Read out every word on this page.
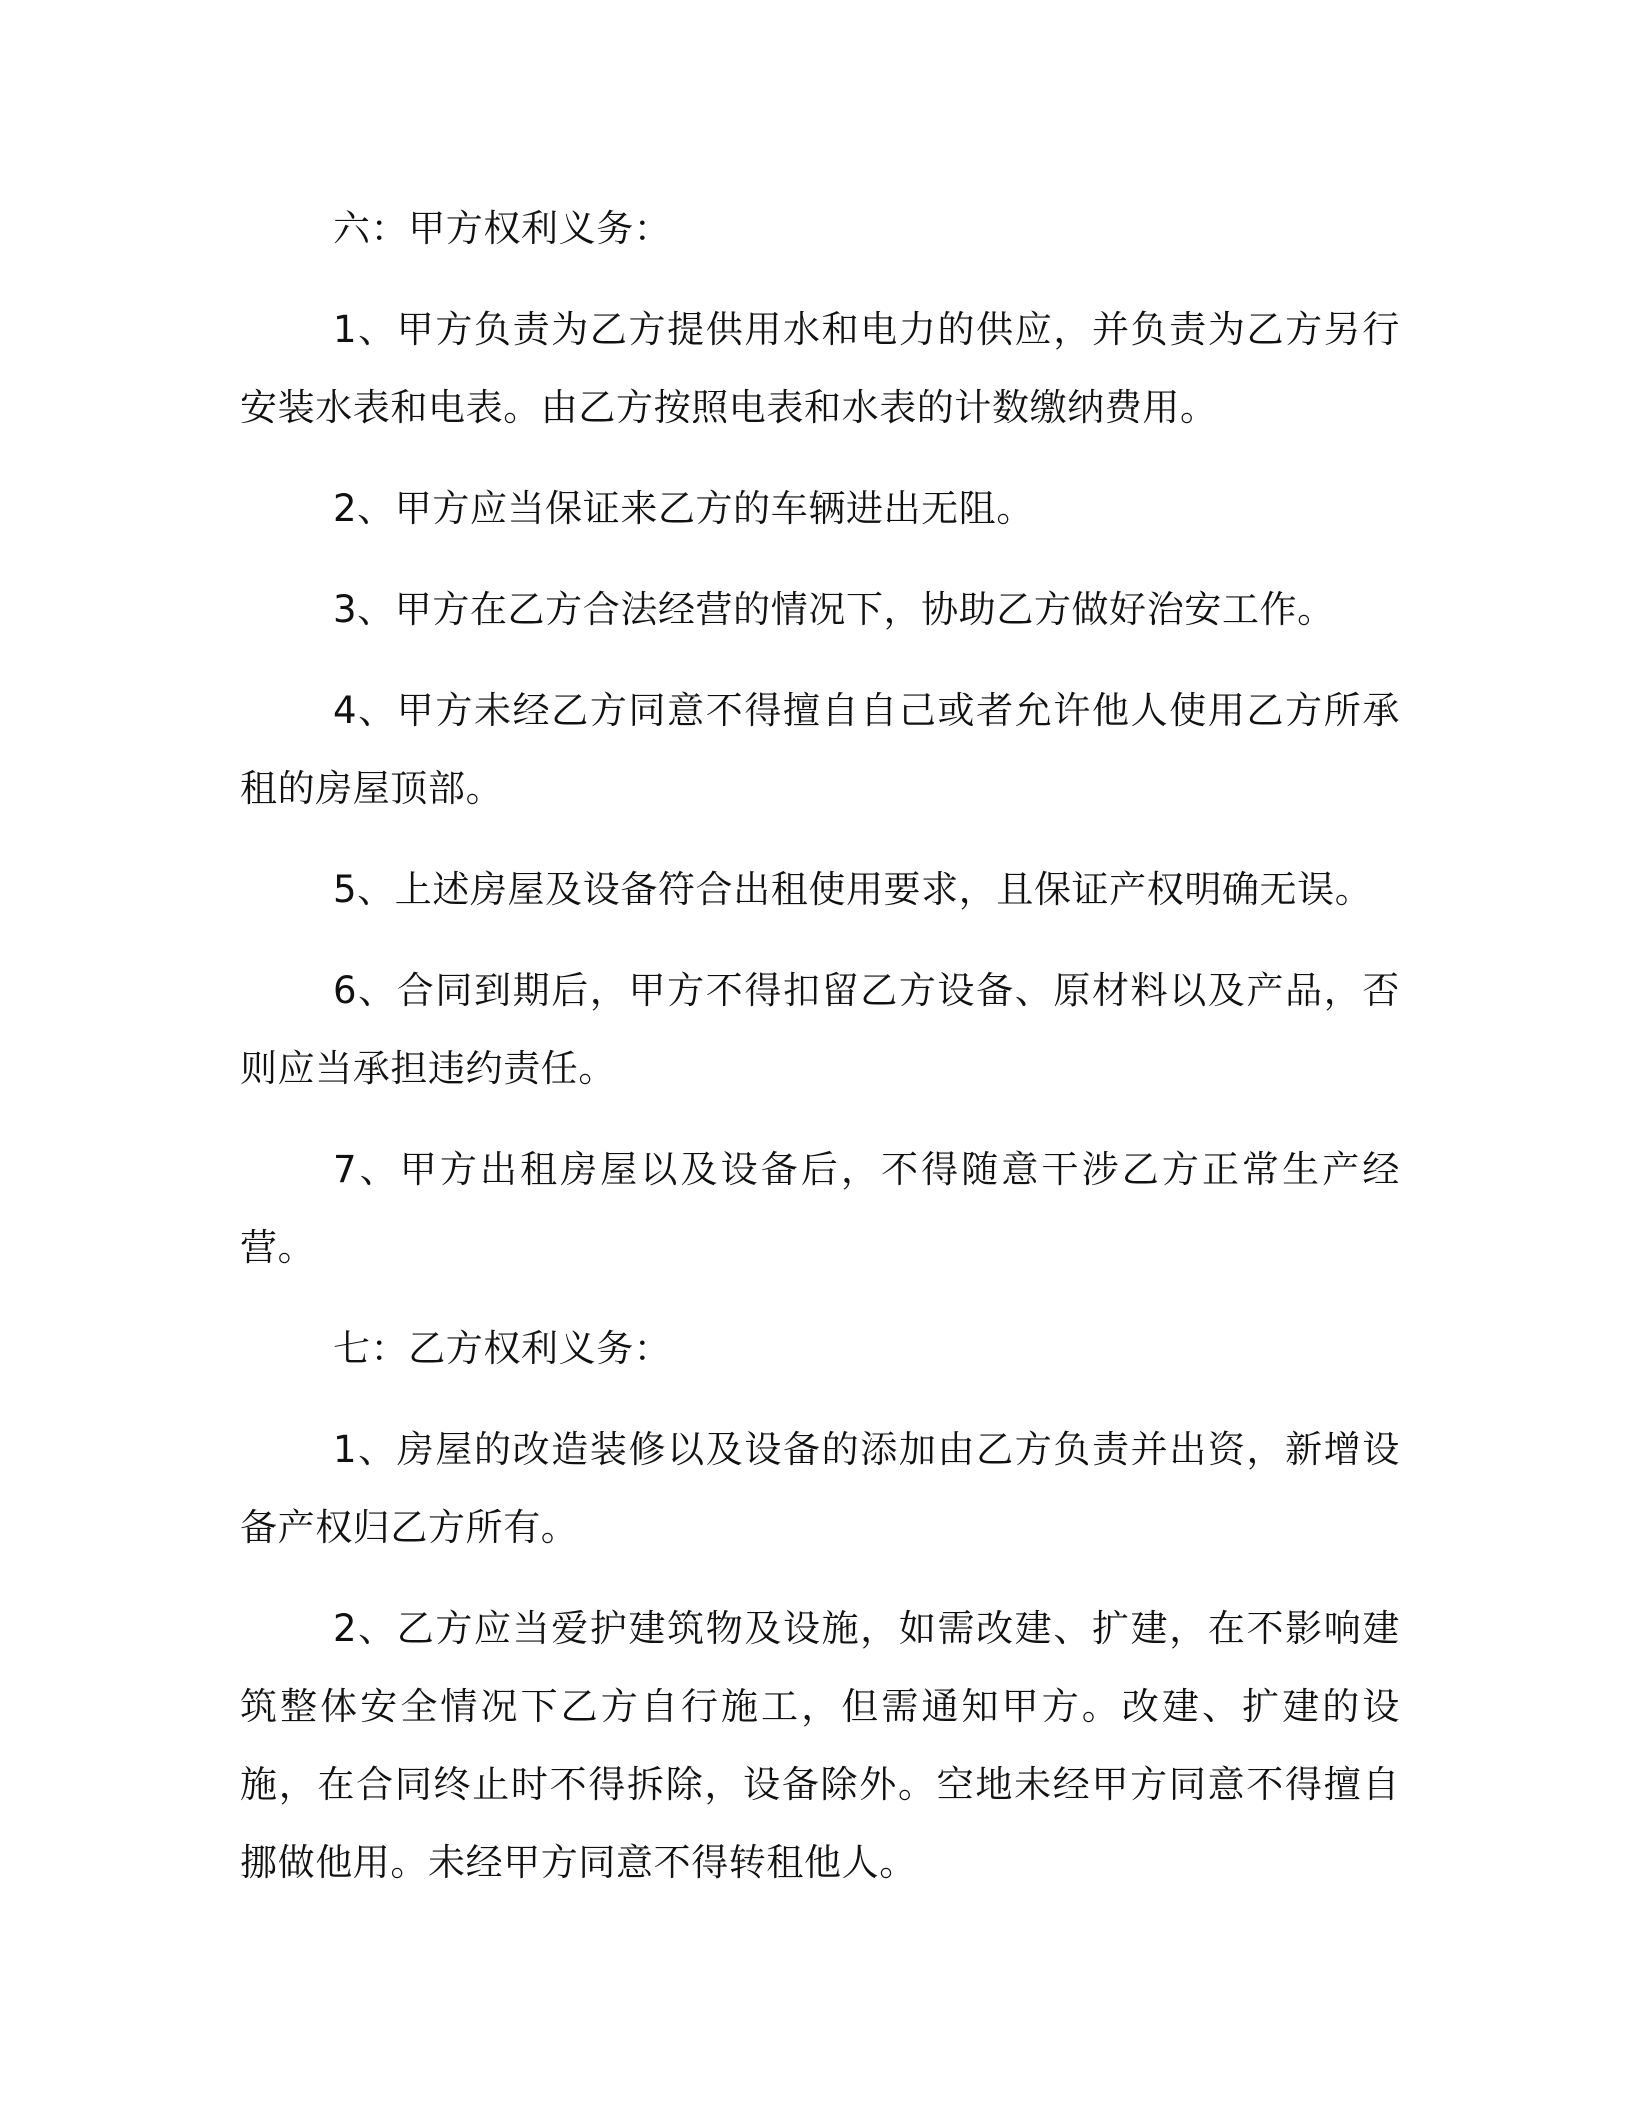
六：甲方权利义务：

1、甲方负责为乙方提供用水和电力的供应，并负责为乙方另行安装水表和电表。由乙方按照电表和水表的计数缴纳费用。

2、甲方应当保证来乙方的车辆进出无阻。

3、甲方在乙方合法经营的情况下，协助乙方做好治安工作。

4、甲方未经乙方同意不得擅自自己或者允许他人使用乙方所承租的房屋顶部。

5、上述房屋及设备符合出租使用要求，且保证产权明确无误。

6、合同到期后，甲方不得扣留乙方设备、原材料以及产品，否则应当承担违约责任。

7、甲方出租房屋以及设备后，不得随意干涉乙方正常生产经营。

七：乙方权利义务：

1、房屋的改造装修以及设备的添加由乙方负责并出资，新增设备产权归乙方所有。

2、乙方应当爱护建筑物及设施，如需改建、扩建，在不影响建筑整体安全情况下乙方自行施工，但需通知甲方。改建、扩建的设施，在合同终止时不得拆除，设备除外。空地未经甲方同意不得擅自挪做他用。未经甲方同意不得转租他人。
